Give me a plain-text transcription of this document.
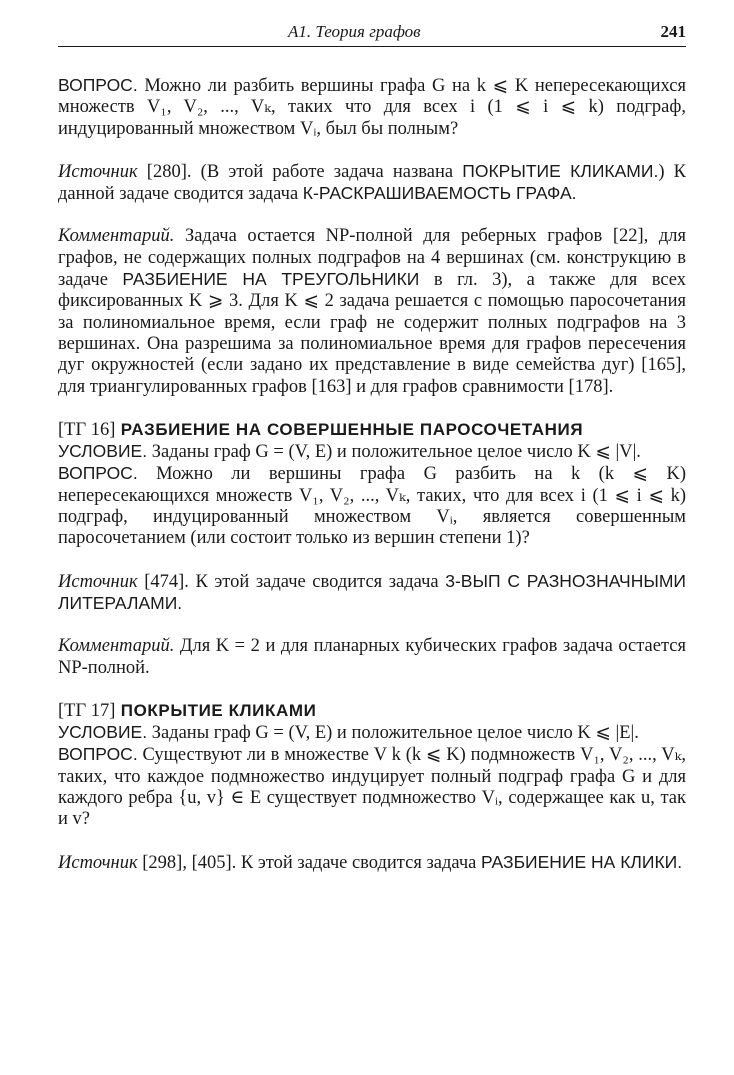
A1. Теория графов	241

ВОПРОС. Можно ли разбить вершины графа G на k ⩽ K непересекающихся множеств V₁, V₂, ..., Vₖ, таких что для всех i (1 ⩽ i ⩽ k) подграф, индуцированный множеством Vᵢ, был бы полным?

Источник [280]. (В этой работе задача названа ПОКРЫТИЕ КЛИКАМИ.) К данной задаче сводится задача К-РАСКРАШИВАЕМОСТЬ ГРАФА.

Комментарий. Задача остается NP-полной для реберных графов [22], для графов, не содержащих полных подграфов на 4 вершинах (см. конструкцию в задаче РАЗБИЕНИЕ НА ТРЕУГОЛЬНИКИ в гл. 3), а также для всех фиксированных K ⩾ 3. Для K ⩽ 2 задача решается с помощью паросочетания за полиномиальное время, если граф не содержит полных подграфов на 3 вершинах. Она разрешима за полиномиальное время для графов пересечения дуг окружностей (если задано их представление в виде семейства дуг) [165], для триангулированных графов [163] и для графов сравнимости [178].

[ТГ 16] РАЗБИЕНИЕ НА СОВЕРШЕННЫЕ ПАРОСОЧЕТАНИЯ

УСЛОВИЕ. Заданы граф G = (V, E) и положительное целое число K ⩽ |V|.

ВОПРОС. Можно ли вершины графа G разбить на k (k ⩽ K) непересекающихся множеств V₁, V₂, ..., Vₖ, таких, что для всех i (1 ⩽ i ⩽ k) подграф, индуцированный множеством Vᵢ, является совершенным паросочетанием (или состоит только из вершин степени 1)?

Источник [474]. К этой задаче сводится задача 3-ВЫП С РАЗНОЗНАЧНЫМИ ЛИТЕРАЛАМИ.

Комментарий. Для K = 2 и для планарных кубических графов задача остается NP-полной.

[ТГ 17] ПОКРЫТИЕ КЛИКАМИ

УСЛОВИЕ. Заданы граф G = (V, E) и положительное целое число K ⩽ |E|.

ВОПРОС. Существуют ли в множестве V k (k ⩽ K) подмножеств V₁, V₂, ..., Vₖ, таких, что каждое подмножество индуцирует полный подграф графа G и для каждого ребра {u, v} ∈ E существует подмножество Vᵢ, содержащее как u, так и v?

Источник [298], [405]. К этой задаче сводится задача РАЗБИЕНИЕ НА КЛИКИ.
